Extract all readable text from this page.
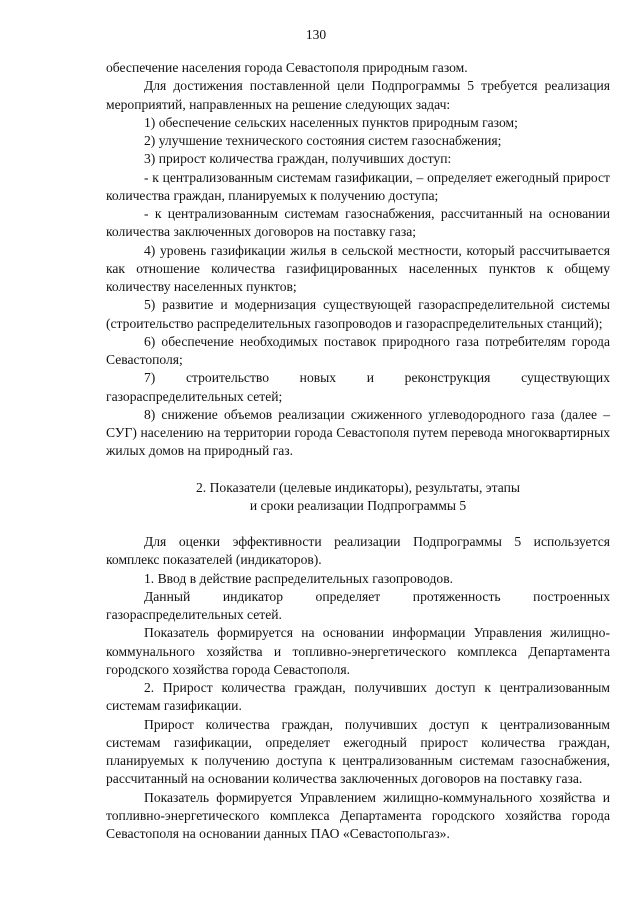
130

обеспечение населения города Севастополя природным газом.

Для достижения поставленной цели Подпрограммы 5 требуется реализация мероприятий, направленных на решение следующих задач:

1) обеспечение сельских населенных пунктов природным газом;

2) улучшение технического состояния систем газоснабжения;

3) прирост количества граждан, получивших доступ:

- к централизованным системам газификации, – определяет ежегодный прирост количества граждан, планируемых к получению доступа;

- к централизованным системам газоснабжения, рассчитанный на основании количества заключенных договоров на поставку газа;

4) уровень газификации жилья в сельской местности, который рассчитывается как отношение количества газифицированных населенных пунктов к общему количеству населенных пунктов;

5) развитие и модернизация существующей газораспределительной системы (строительство распределительных газопроводов и газораспределительных станций);

6) обеспечение необходимых поставок природного газа потребителям города Севастополя;

7) строительство новых и реконструкция существующих газораспределительных сетей;

8) снижение объемов реализации сжиженного углеводородного газа (далее – СУГ) населению на территории города Севастополя путем перевода многоквартирных жилых домов на природный газ.

2. Показатели (целевые индикаторы), результаты, этапы
и сроки реализации Подпрограммы 5

Для оценки эффективности реализации Подпрограммы 5 используется комплекс показателей (индикаторов).

1. Ввод в действие распределительных газопроводов.

Данный индикатор определяет протяженность построенных газораспределительных сетей.

Показатель формируется на основании информации Управления жилищно-коммунального хозяйства и топливно-энергетического комплекса Департамента городского хозяйства города Севастополя.

2. Прирост количества граждан, получивших доступ к централизованным системам газификации.

Прирост количества граждан, получивших доступ к централизованным системам газификации, определяет ежегодный прирост количества граждан, планируемых к получению доступа к централизованным системам газоснабжения, рассчитанный на основании количества заключенных договоров на поставку газа.

Показатель формируется Управлением жилищно-коммунального хозяйства и топливно-энергетического комплекса Департамента городского хозяйства города Севастополя на основании данных ПАО «Севастопольгаз».
